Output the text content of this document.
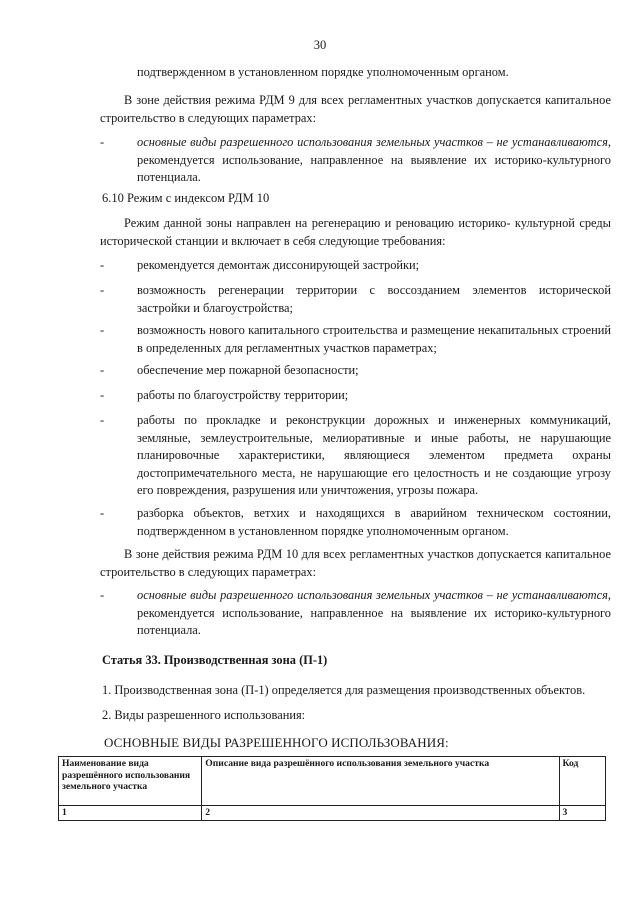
30
подтвержденном в установленном порядке уполномоченным органом.
В зоне действия режима РДМ 9 для всех регламентных участков допускается капитальное строительство в следующих параметрах:
-	основные виды разрешенного использования земельных участков – не устанавливаются, рекомендуется использование, направленное на выявление их историко-культурного потенциала.
6.10 Режим с индексом РДМ 10
Режим данной зоны направлен на регенерацию и реновацию историко- культурной среды исторической станции и включает в себя следующие требования:
-	рекомендуется демонтаж диссонирующей застройки;
-	возможность регенерации территории с воссозданием элементов исторической застройки и благоустройства;
-	возможность нового капитального строительства и размещение некапитальных строений в определенных для регламентных участков параметрах;
-	обеспечение мер пожарной безопасности;
-	работы по благоустройству территории;
-	работы по прокладке и реконструкции дорожных и инженерных коммуникаций, земляные, землеустроительные, мелиоративные и иные работы, не нарушающие планировочные характеристики, являющиеся элементом предмета охраны достопримечательного места, не нарушающие его целостность и не создающие угрозу его повреждения, разрушения или уничтожения, угрозы пожара.
-	разборка объектов, ветхих и находящихся в аварийном техническом состоянии, подтвержденном в установленном порядке уполномоченным органом.
В зоне действия режима РДМ 10 для всех регламентных участков допускается капитальное строительство в следующих параметрах:
-	основные виды разрешенного использования земельных участков – не устанавливаются, рекомендуется использование, направленное на выявление их историко-культурного потенциала.
Статья 33. Производственная зона (П-1)
1. Производственная зона (П-1) определяется для размещения производственных объектов.
2. Виды разрешенного использования:
ОСНОВНЫЕ ВИДЫ РАЗРЕШЕННОГО ИСПОЛЬЗОВАНИЯ:
Наименование вида разрешённого использования земельного участка	Описание вида разрешённого использования земельного участка	Код
1	2	3
